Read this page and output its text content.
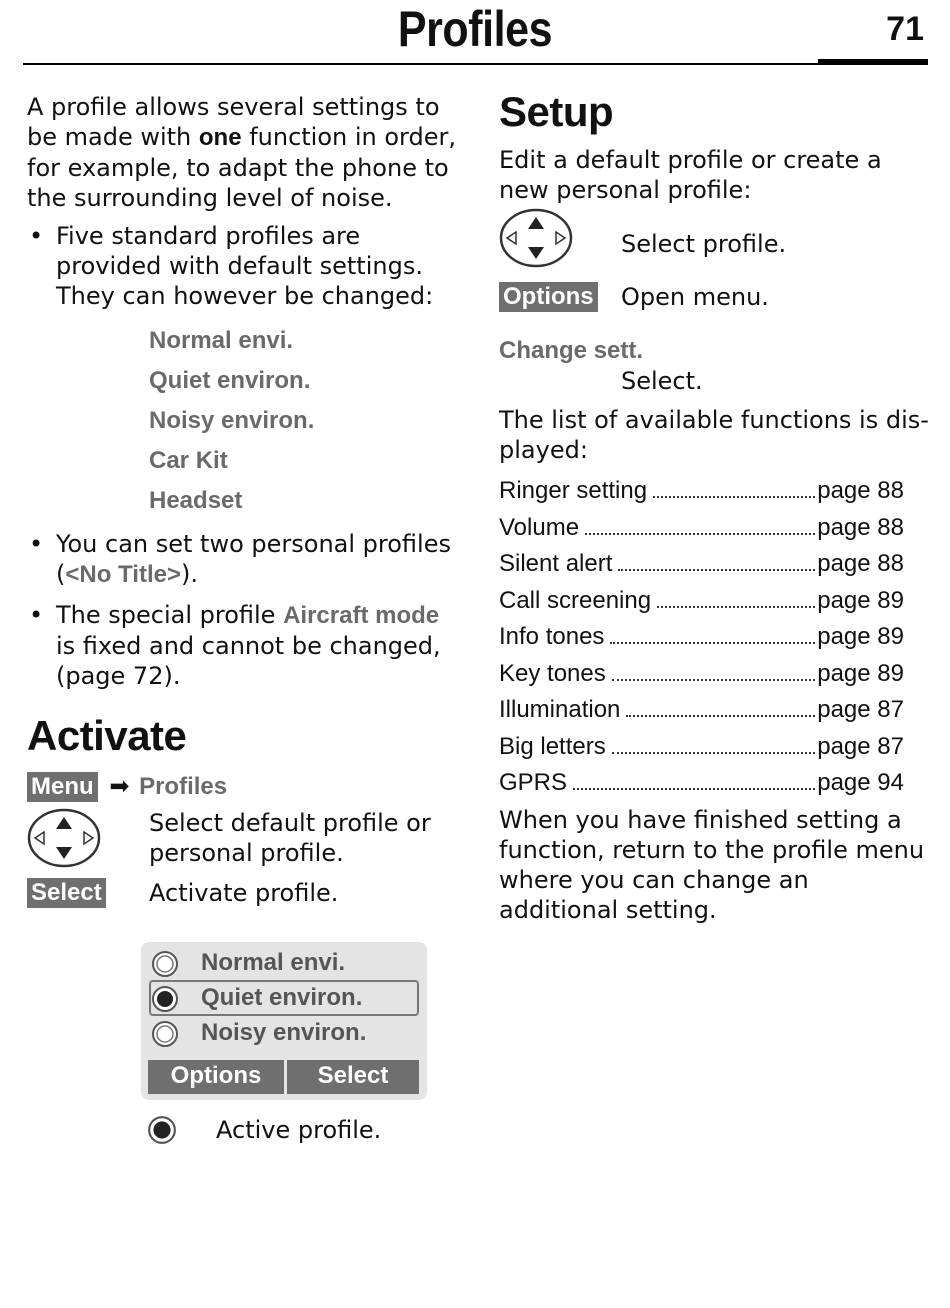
Profiles	71

A profile allows several settings to be made with one function in order, for example, to adapt the phone to the surrounding level of noise.

• Five standard profiles are provided with default settings. They can however be changed:
Normal envi.
Quiet environ.
Noisy environ.
Car Kit
Headset
• You can set two personal profiles (<No Title>).
• The special profile Aircraft mode is fixed and cannot be changed, (page 72).
Activate
Menu ➡ Profiles
Select default profile or
personal profile.
Select Activate profile.
Normal envi.
Quiet environ.
Noisy environ.
Options	Select
Active profile.
Setup

Edit a default profile or create a new personal profile:

Select profile.
Options Open menu.
Change sett.
Select.

The list of available functions is dis- played:

Ringer setting	page 88
Volume	page 88
Silent alert	page 88
Call screening	page 89
Info tones	page 89
Key tones	page 89
Illumination	page 87
Big letters	page 87
GPRS	page 94

When you have finished setting a function, return to the profile menu where you can change an additional setting.
